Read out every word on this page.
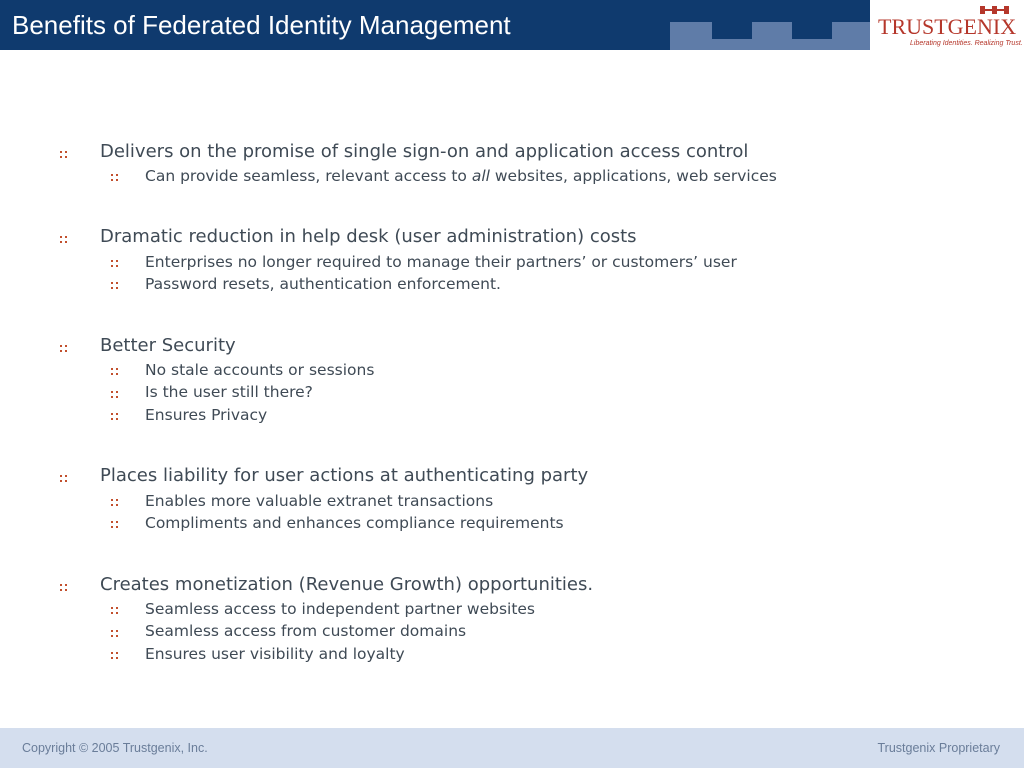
Benefits of Federated Identity Management	TRUSTGENIX
Liberating Identities. Realizing Trust.
Delivers on the promise of single sign-on and application access control
Can provide seamless, relevant access to all websites, applications, web services
Dramatic reduction in help desk (user administration) costs
Enterprises no longer required to manage their partners’ or customers’ user
Password resets, authentication enforcement.
Better Security
No stale accounts or sessions
Is the user still there?
Ensures Privacy
Places liability for user actions at authenticating party
Enables more valuable extranet transactions
Compliments and enhances compliance requirements
Creates monetization (Revenue Growth) opportunities.
Seamless access to independent partner websites
Seamless access from customer domains
Ensures user visibility and loyalty
Copyright © 2005 Trustgenix, Inc.	Trustgenix Proprietary
